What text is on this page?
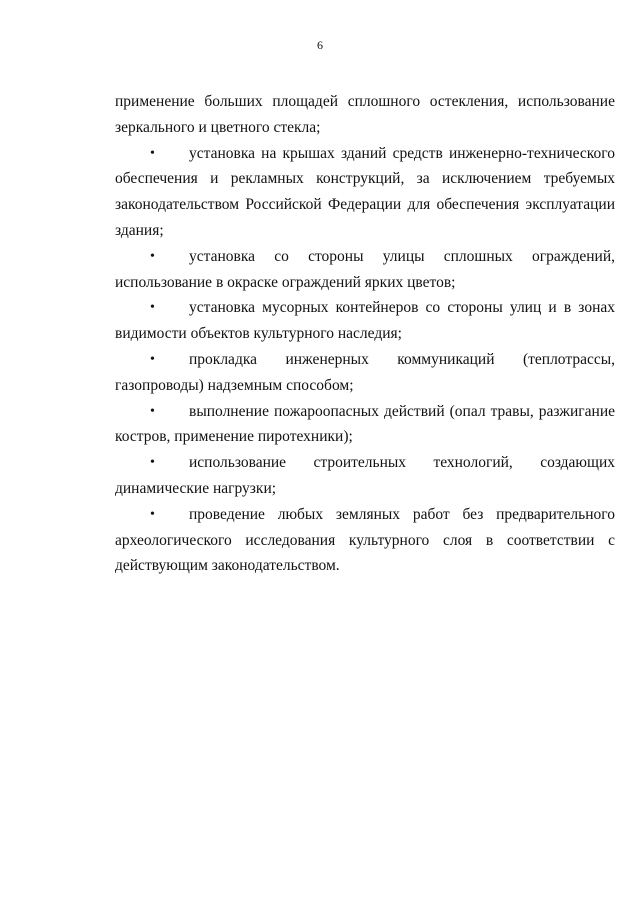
6

применение больших площадей сплошного остекления, использование зеркального и цветного стекла;

• установка на крышах зданий средств инженерно-технического обеспечения и рекламных конструкций, за исключением требуемых законодательством Российской Федерации для обеспечения эксплуатации здания;

• установка со стороны улицы сплошных ограждений, использование в окраске ограждений ярких цветов;

• установка мусорных контейнеров со стороны улиц и в зонах видимости объектов культурного наследия;

• прокладка инженерных коммуникаций (теплотрассы, газопроводы) надземным способом;

• выполнение пожароопасных действий (опал травы, разжигание костров, применение пиротехники);

• использование строительных технологий, создающих динамические нагрузки;

• проведение любых земляных работ без предварительного археологического исследования культурного слоя в соответствии с действующим законодательством.
